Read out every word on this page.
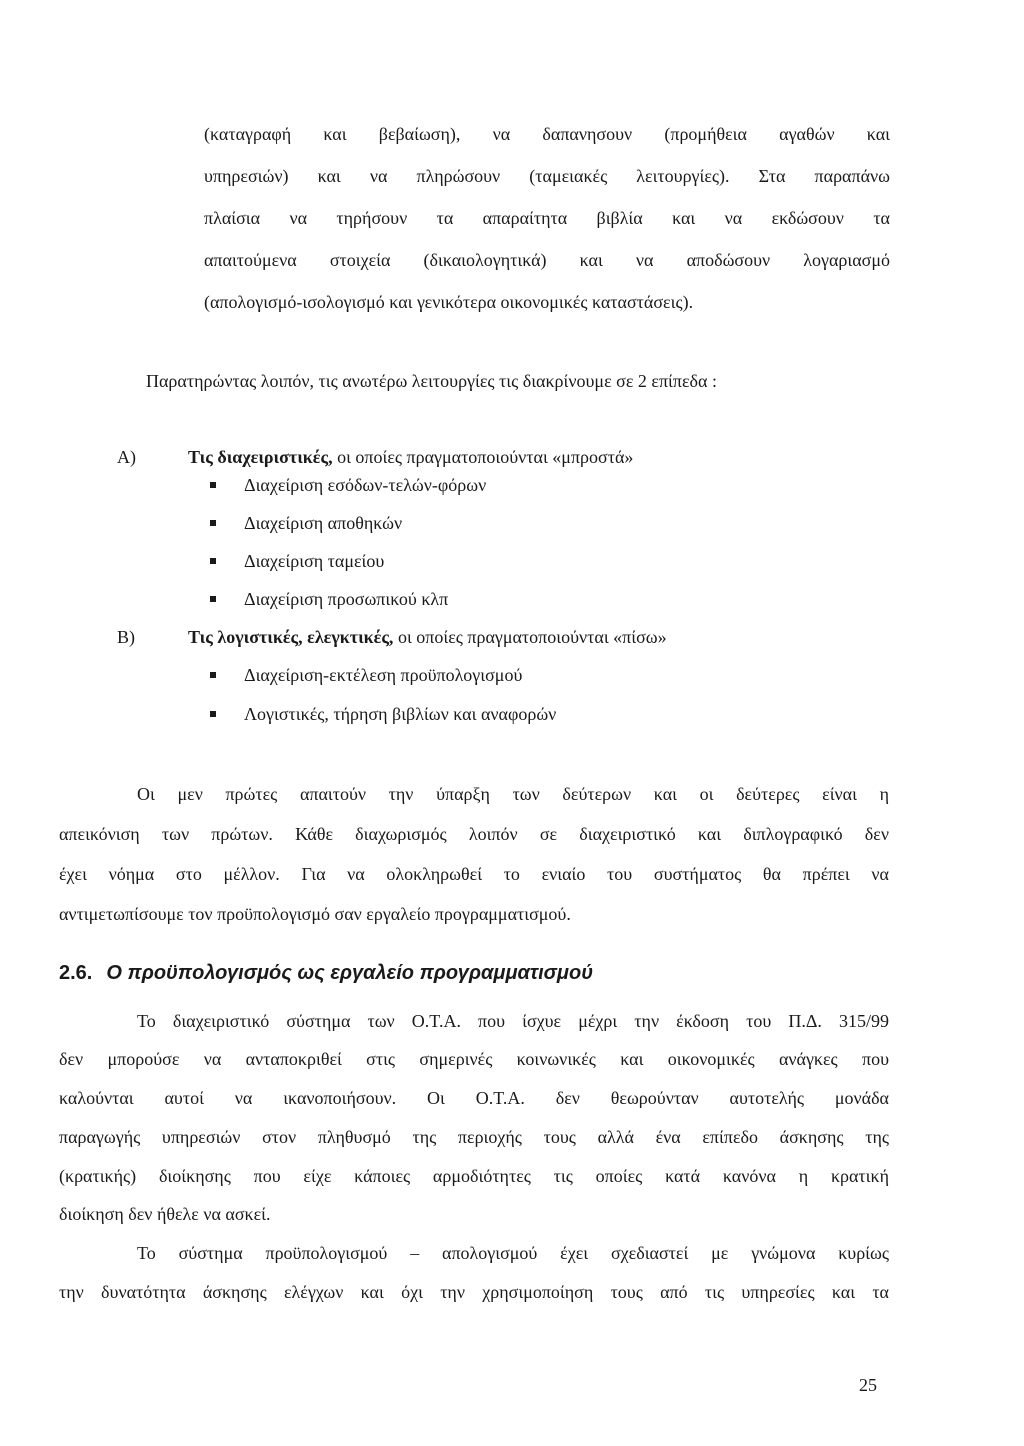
(καταγραφή και βεβαίωση), να δαπανησουν (προμήθεια αγαθών και
υπηρεσιών) και να πληρώσουν (ταμειακές λειτουργίες). Στα παραπάνω
πλαίσια να τηρήσουν τα απαραίτητα βιβλία και να εκδώσουν τα
απαιτούμενα στοιχεία (δικαιολογητικά) και να αποδώσουν λογαριασμό
(απολογισμό-ισολογισμό και γενικότερα οικονομικές καταστάσεις).
Παρατηρώντας λοιπόν, τις ανωτέρω λειτουργίες τις διακρίνουμε σε 2 επίπεδα :
Α)	Τις διαχειριστικές, οι οποίες πραγματοποιούνται «μπροστά»
Διαχείριση εσόδων-τελών-φόρων
Διαχείριση αποθηκών
Διαχείριση ταμείου
Διαχείριση προσωπικού κλπ
Β)	Τις λογιστικές, ελεγκτικές, οι οποίες πραγματοποιούνται «πίσω»
Διαχείριση-εκτέλεση προϋπολογισμού
Λογιστικές, τήρηση βιβλίων και αναφορών
Οι μεν πρώτες απαιτούν την ύπαρξη των δεύτερων και οι δεύτερες είναι η
απεικόνιση των πρώτων. Κάθε διαχωρισμός λοιπόν σε διαχειριστικό και διπλογραφικό δεν
έχει νόημα στο μέλλον. Για να ολοκληρωθεί το ενιαίο του συστήματος θα πρέπει να
αντιμετωπίσουμε τον προϋπολογισμό σαν εργαλείο προγραμματισμού.
2.6. Ο προϋπολογισμός ως εργαλείο προγραμματισμού
Το διαχειριστικό σύστημα των Ο.Τ.Α. που ίσχυε μέχρι την έκδοση του Π.Δ. 315/99
δεν μπορούσε να ανταποκριθεί στις σημερινές κοινωνικές και οικονομικές ανάγκες που
καλούνται αυτοί να ικανοποιήσουν. Οι Ο.Τ.Α. δεν θεωρούνταν αυτοτελής μονάδα
παραγωγής υπηρεσιών στον πληθυσμό της περιοχής τους αλλά ένα επίπεδο άσκησης της
(κρατικής) διοίκησης που είχε κάποιες αρμοδιότητες τις οποίες κατά κανόνα η κρατική
διοίκηση δεν ήθελε να ασκεί.
Το σύστημα προϋπολογισμού – απολογισμού έχει σχεδιαστεί με γνώμονα κυρίως
την δυνατότητα άσκησης ελέγχων και όχι την χρησιμοποίηση τους από τις υπηρεσίες και τα
25
